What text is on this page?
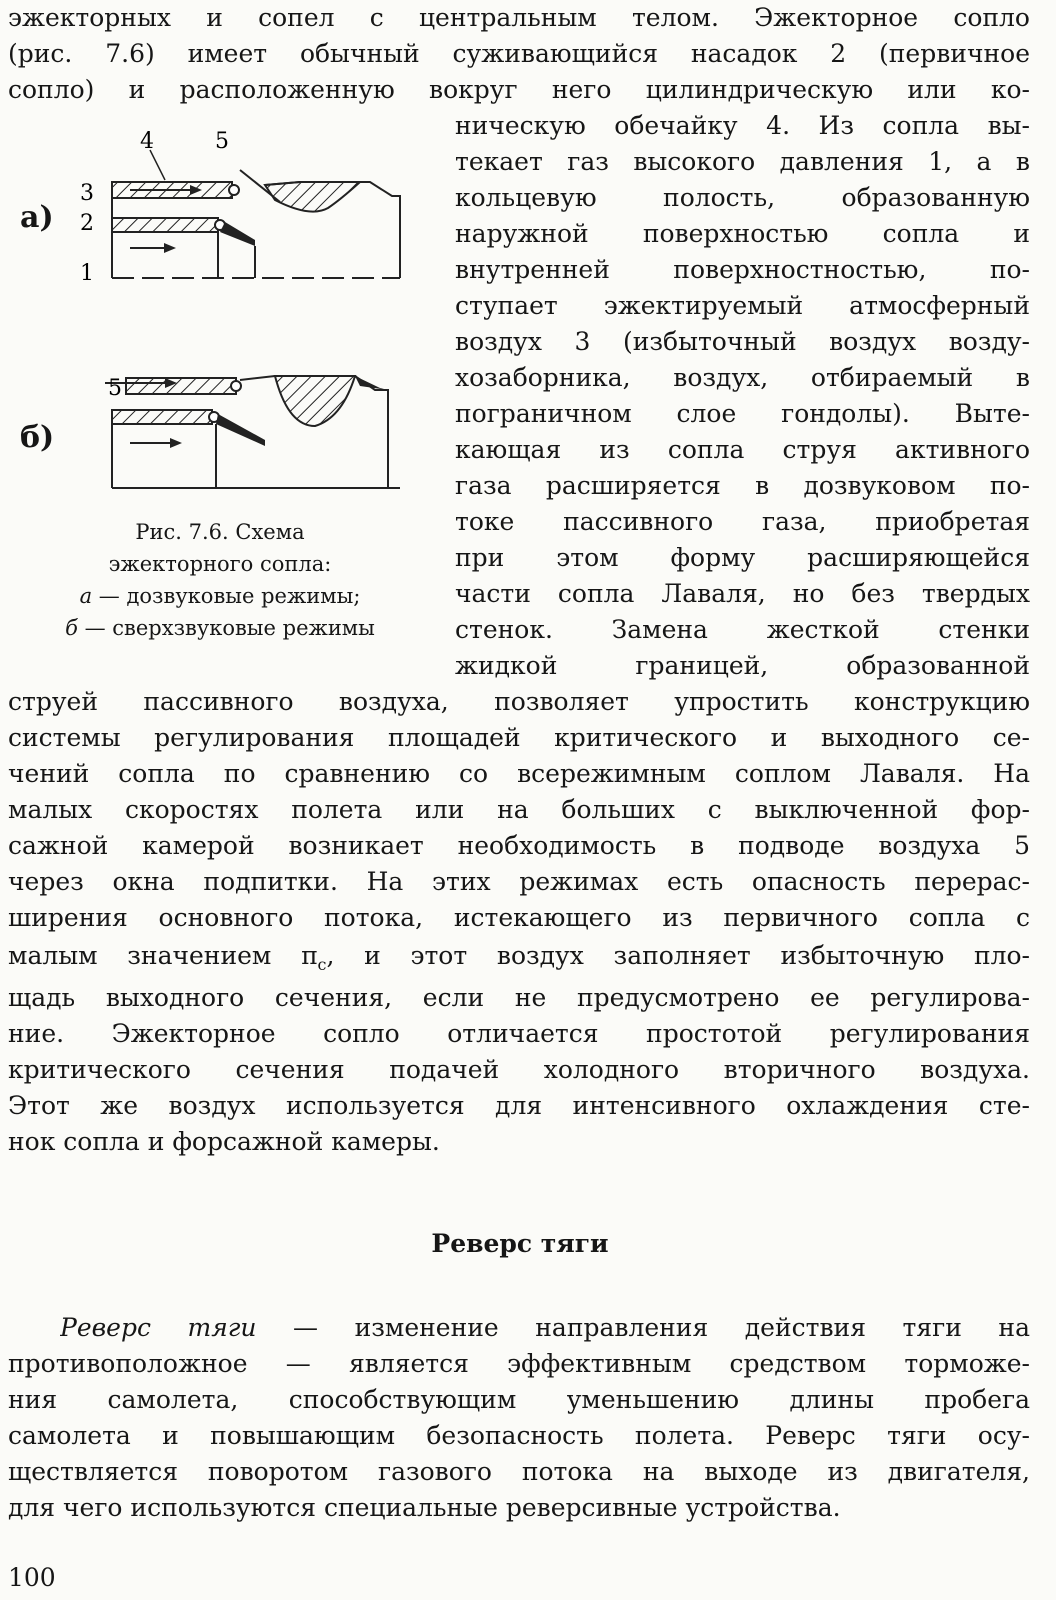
эжекторных и сопел с центральным телом. Эжекторное сопло
(рис. 7.6) имеет обычный суживающийся насадок 2 (первичное
сопло) и расположенную вокруг него цилиндрическую или ко-
ническую обечайку 4. Из сопла вы-
текает газ высокого давления 1, а в
кольцевую полость, образованную
наружной поверхностью сопла и
внутренней поверхностностью, по-
ступает эжектируемый атмосферный
воздух 3 (избыточный воздух возду-
хозаборника, воздух, отбираемый в
пограничном слое гондолы). Выте-
кающая из сопла струя активного
газа расширяется в дозвуковом по-
токе пассивного газа, приобретая
при этом форму расширяющейся
части сопла Лаваля, но без твердых
стенок. Замена жесткой стенки
жидкой границей, образованной
а)
б)
4	5
3
2
1
5
Рис. 7.6. Схема
эжекторного сопла:
а — дозвуковые режимы;
б — сверхзвуковые режимы
струей пассивного воздуха, позволяет упростить конструкцию
системы регулирования площадей критического и выходного се-
чений сопла по сравнению со всережимным соплом Лаваля. На
малых скоростях полета или на больших с выключенной фор-
сажной камерой возникает необходимость в подводе воздуха 5
через окна подпитки. На этих режимах есть опасность перерас-
ширения основного потока, истекающего из первичного сопла с
малым значением $\pi_с$, и этот воздух заполняет избыточную пло-
щадь выходного сечения, если не предусмотрено ее регулирова-
ние. Эжекторное сопло отличается простотой регулирования
критического сечения подачей холодного вторичного воздуха.
Этот же воздух используется для интенсивного охлаждения сте-
нок сопла и форсажной камеры.
Реверс тяги
Реверс тяги — изменение направления действия тяги на
противоположное — является эффективным средством торможе-
ния самолета, способствующим уменьшению длины пробега
самолета и повышающим безопасность полета. Реверс тяги осу-
ществляется поворотом газового потока на выходе из двигателя,
для чего используются специальные реверсивные устройства.
100
